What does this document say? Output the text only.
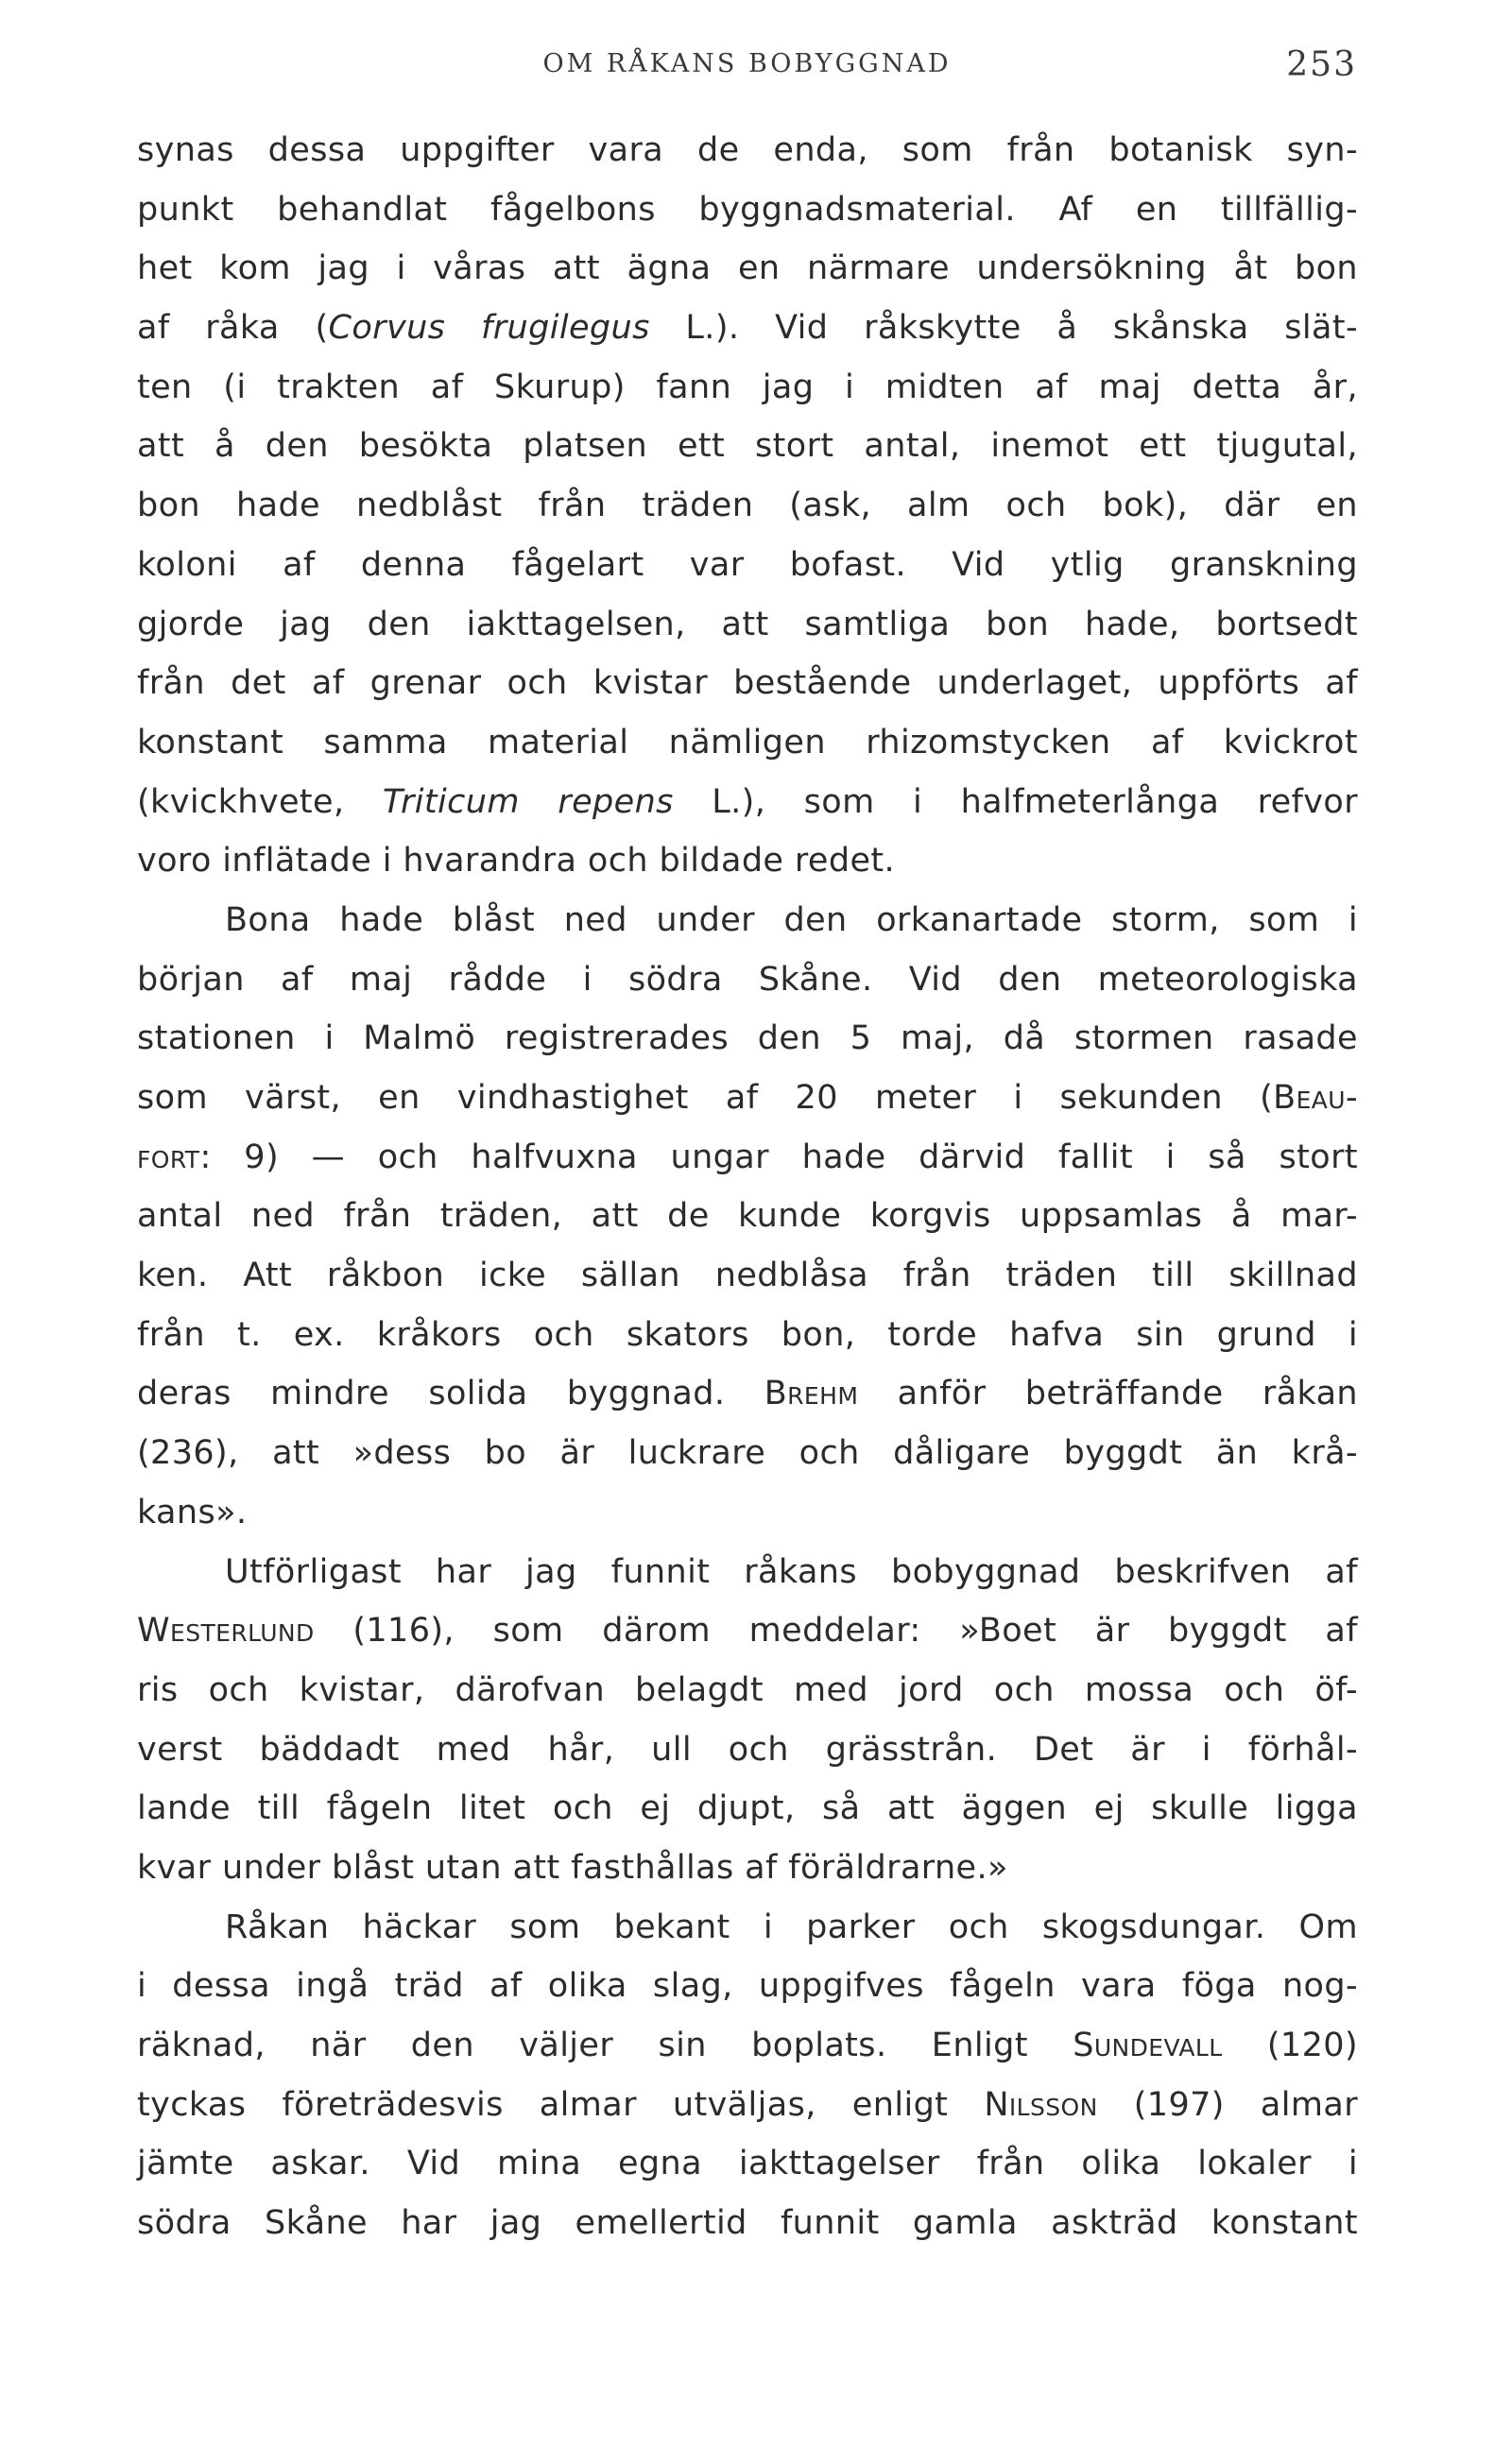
OM RÅKANS BOBYGGNAD	253
synas dessa uppgifter vara de enda, som från botanisk syn-
punkt behandlat fågelbons byggnadsmaterial. Af en tillfällig-
het kom jag i våras att ägna en närmare undersökning åt bon
af råka (Corvus frugilegus L.). Vid råkskytte å skånska slät-
ten (i trakten af Skurup) fann jag i midten af maj detta år,
att å den besökta platsen ett stort antal, inemot ett tjugutal,
bon hade nedblåst från träden (ask, alm och bok), där en
koloni af denna fågelart var bofast. Vid ytlig granskning
gjorde jag den iakttagelsen, att samtliga bon hade, bortsedt
från det af grenar och kvistar bestående underlaget, uppförts af
konstant samma material nämligen rhizomstycken af kvickrot
(kvickhvete, Triticum repens L.), som i halfmeterlånga refvor
voro inflätade i hvarandra och bildade redet.
Bona hade blåst ned under den orkanartade storm, som i
början af maj rådde i södra Skåne. Vid den meteorologiska
stationen i Malmö registrerades den 5 maj, då stormen rasade
som värst, en vindhastighet af 20 meter i sekunden (Beau-
fort: 9) — och halfvuxna ungar hade därvid fallit i så stort
antal ned från träden, att de kunde korgvis uppsamlas å mar-
ken. Att råkbon icke sällan nedblåsa från träden till skillnad
från t. ex. kråkors och skators bon, torde hafva sin grund i
deras mindre solida byggnad. Brehm anför beträffande råkan
(236), att »dess bo är luckrare och dåligare byggdt än krå-
kans».
Utförligast har jag funnit råkans bobyggnad beskrifven af
Westerlund (116), som därom meddelar: »Boet är byggdt af
ris och kvistar, därofvan belagdt med jord och mossa och öf-
verst bäddadt med hår, ull och grässtrån. Det är i förhål-
lande till fågeln litet och ej djupt, så att äggen ej skulle ligga
kvar under blåst utan att fasthållas af föräldrarne.»
Råkan häckar som bekant i parker och skogsdungar. Om
i dessa ingå träd af olika slag, uppgifves fågeln vara föga nog-
räknad, när den väljer sin boplats. Enligt Sundevall (120)
tyckas företrädesvis almar utväljas, enligt Nilsson (197) almar
jämte askar. Vid mina egna iakttagelser från olika lokaler i
södra Skåne har jag emellertid funnit gamla askträd konstant
